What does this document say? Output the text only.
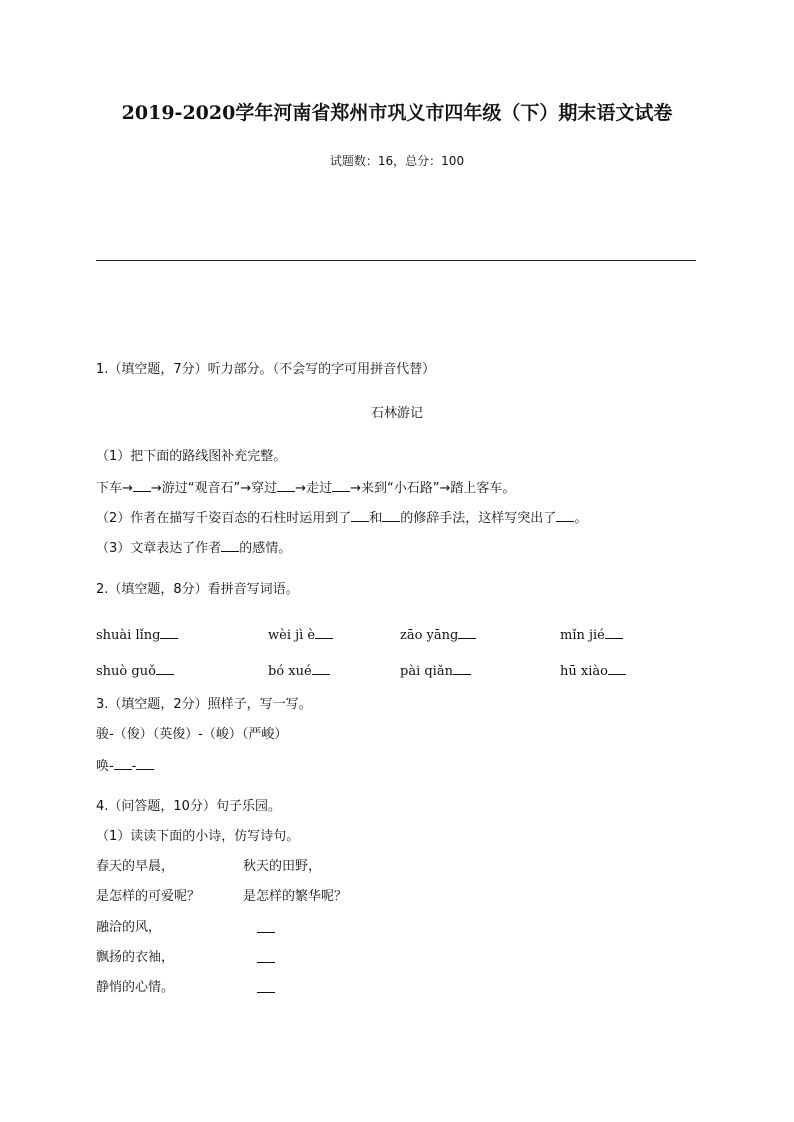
2019-2020学年河南省郑州市巩义市四年级（下）期末语文试卷
试题数：16，总分：100
1.（填空题，7分）听力部分。（不会写的字可用拼音代替）
石林游记
（1）把下面的路线图补充完整。
下车→ →游过“观音石”→穿过 →走过 →来到“小石路”→踏上客车。
（2）作者在描写千姿百态的石柱时运用到了 和 的修辞手法，这样写突出了 。
（3）文章表达了作者 的感情。
2.（填空题，8分）看拼音写词语。
shuài lǐng	wèi jì è	zāo yāng	mǐn jié
shuò guǒ	bó xué	pài qiǎn	hū xiào
3.（填空题，2分）照样子，写一写。
骏-（俊）（英俊）-（峻）（严峻）
唤- -
4.（问答题，10分）句子乐园。
（1）读读下面的小诗，仿写诗句。
春天的早晨，	秋天的田野，
是怎样的可爱呢？	是怎样的繁华呢？
融洽的风，
飘扬的衣袖，
静悄的心情。
